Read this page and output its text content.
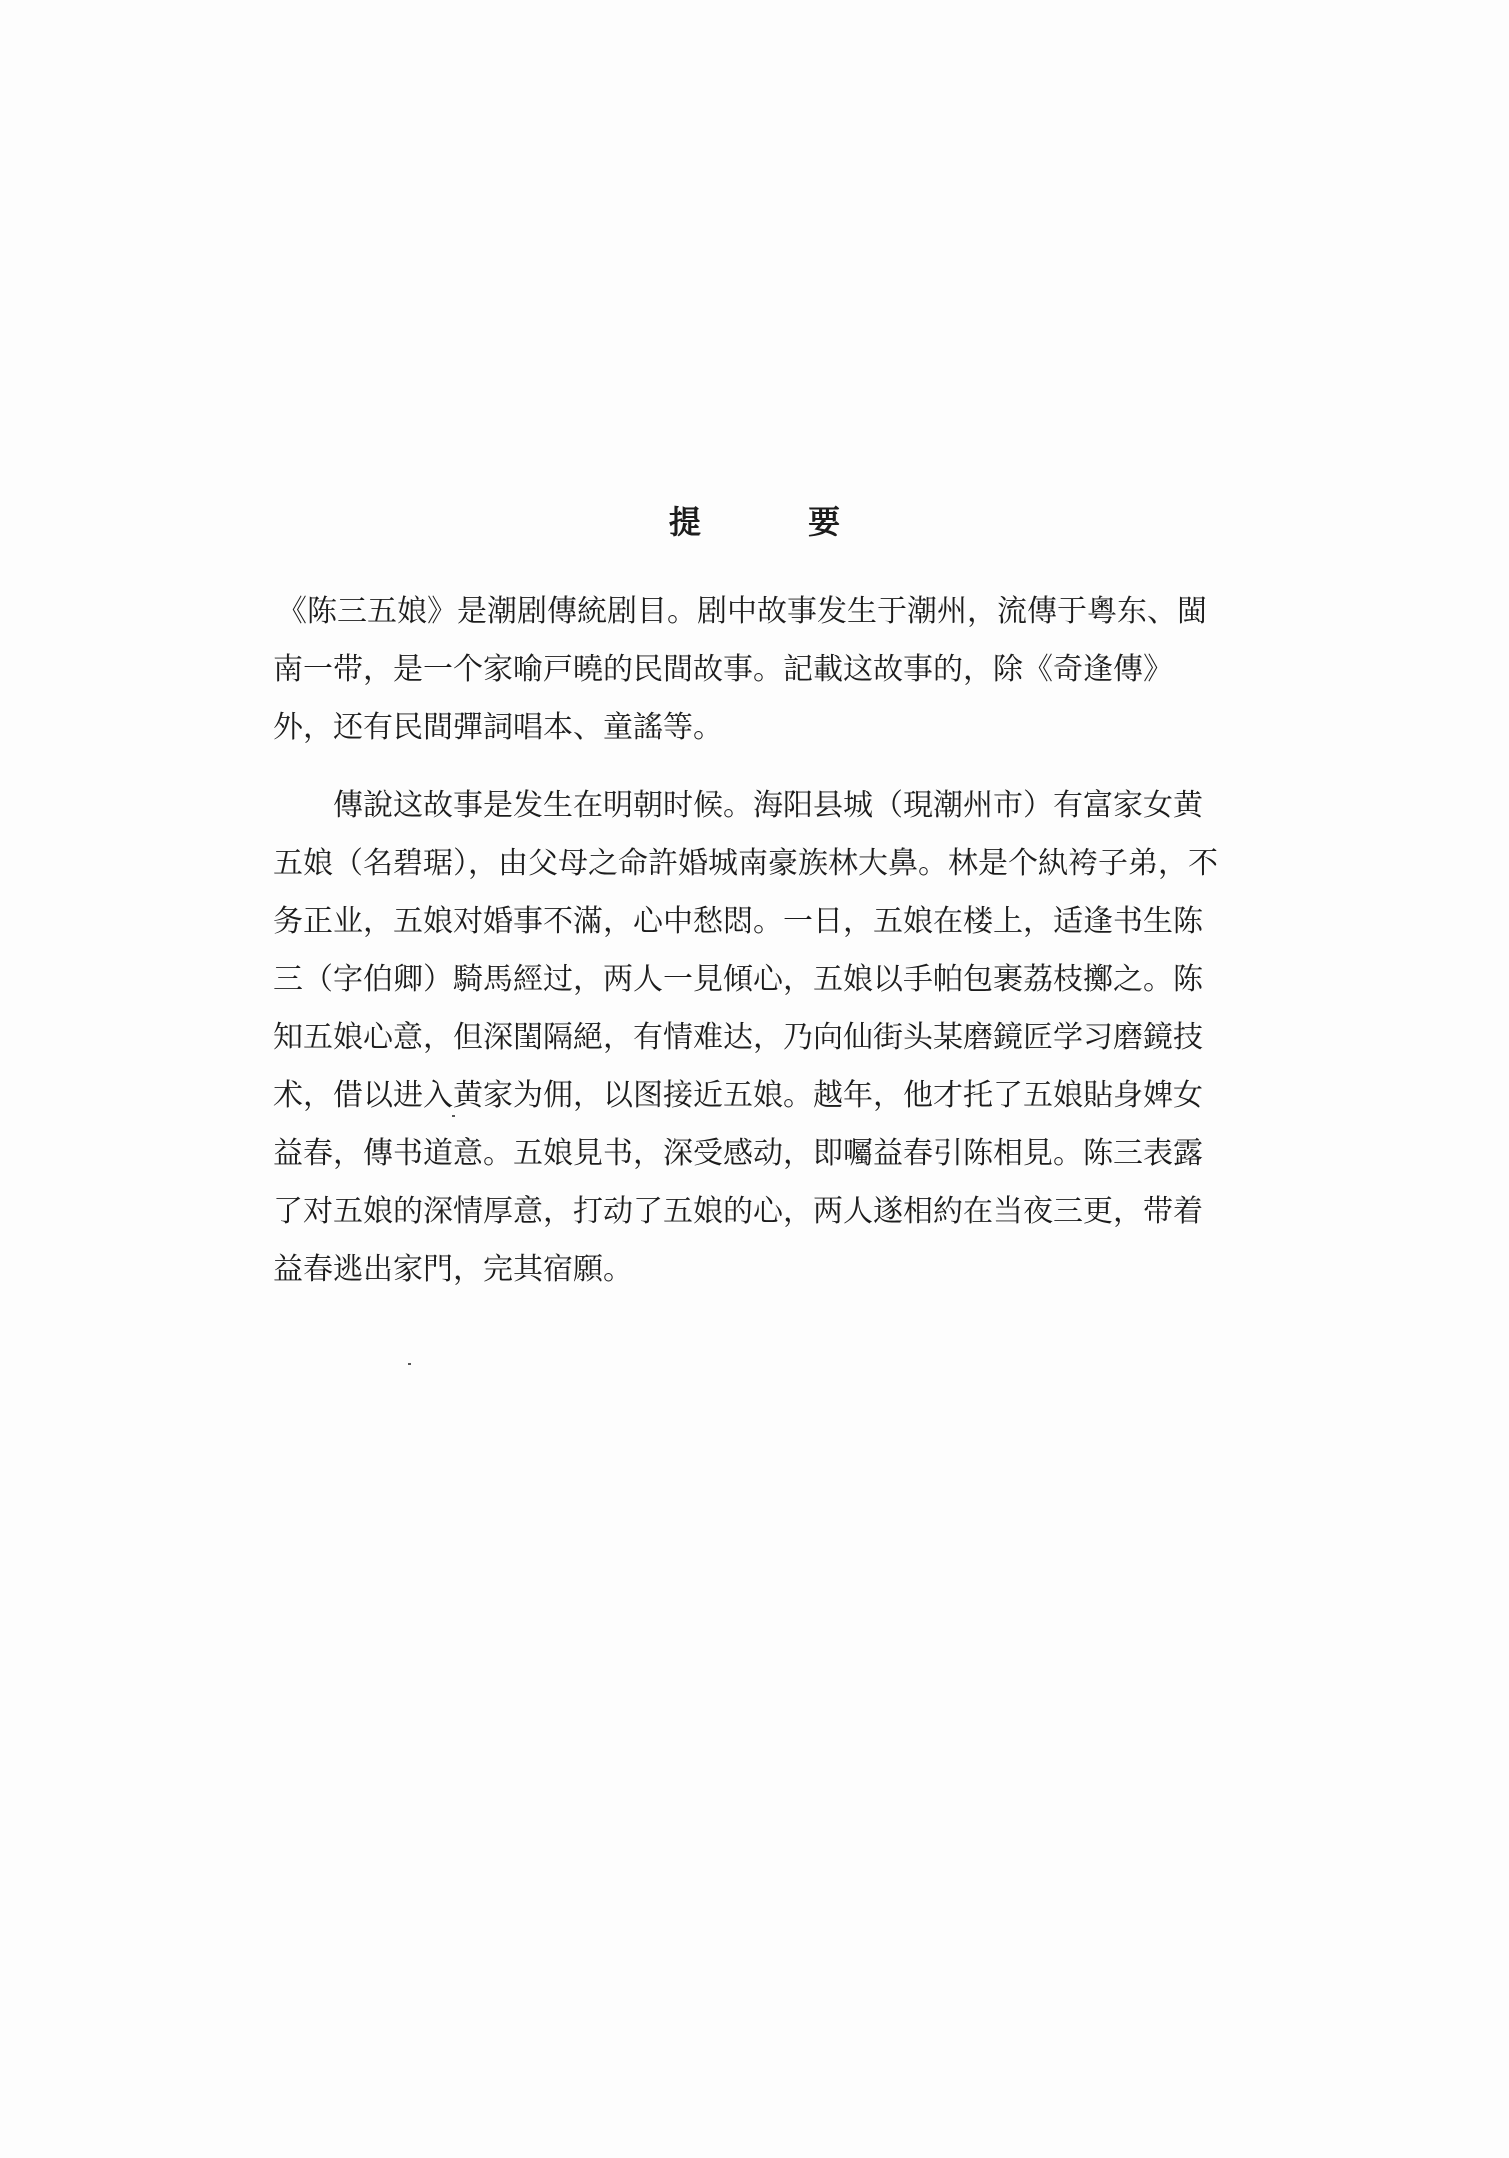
提 要

《陈三五娘》是潮剧傳統剧目。剧中故事发生于潮州，流傳于粵东、閩南一带，是一个家喻戸曉的民間故事。記載这故事的，除《奇逢傳》外，还有民間彈詞唱本、童謠等。

傳說这故事是发生在明朝时候。海阳县城（現潮州市）有富家女黄五娘（名碧琚），由父母之命許婚城南豪族林大鼻。林是个紈袴子弟，不务正业，五娘对婚事不滿，心中愁悶。一日，五娘在楼上，适逢书生陈三（字伯卿）騎馬經过，两人一見傾心，五娘以手帕包裹荔枝擲之。陈知五娘心意，但深閨隔絕，有情难达，乃向仙街头某磨鏡匠学习磨鏡技术，借以进入黄家为佣，以图接近五娘。越年，他才托了五娘貼身婢女益春，傳书道意。五娘見书，深受感动，即囑益春引陈相見。陈三表露了对五娘的深情厚意，打动了五娘的心，两人遂相約在当夜三更，带着益春逃出家門，完其宿願。
